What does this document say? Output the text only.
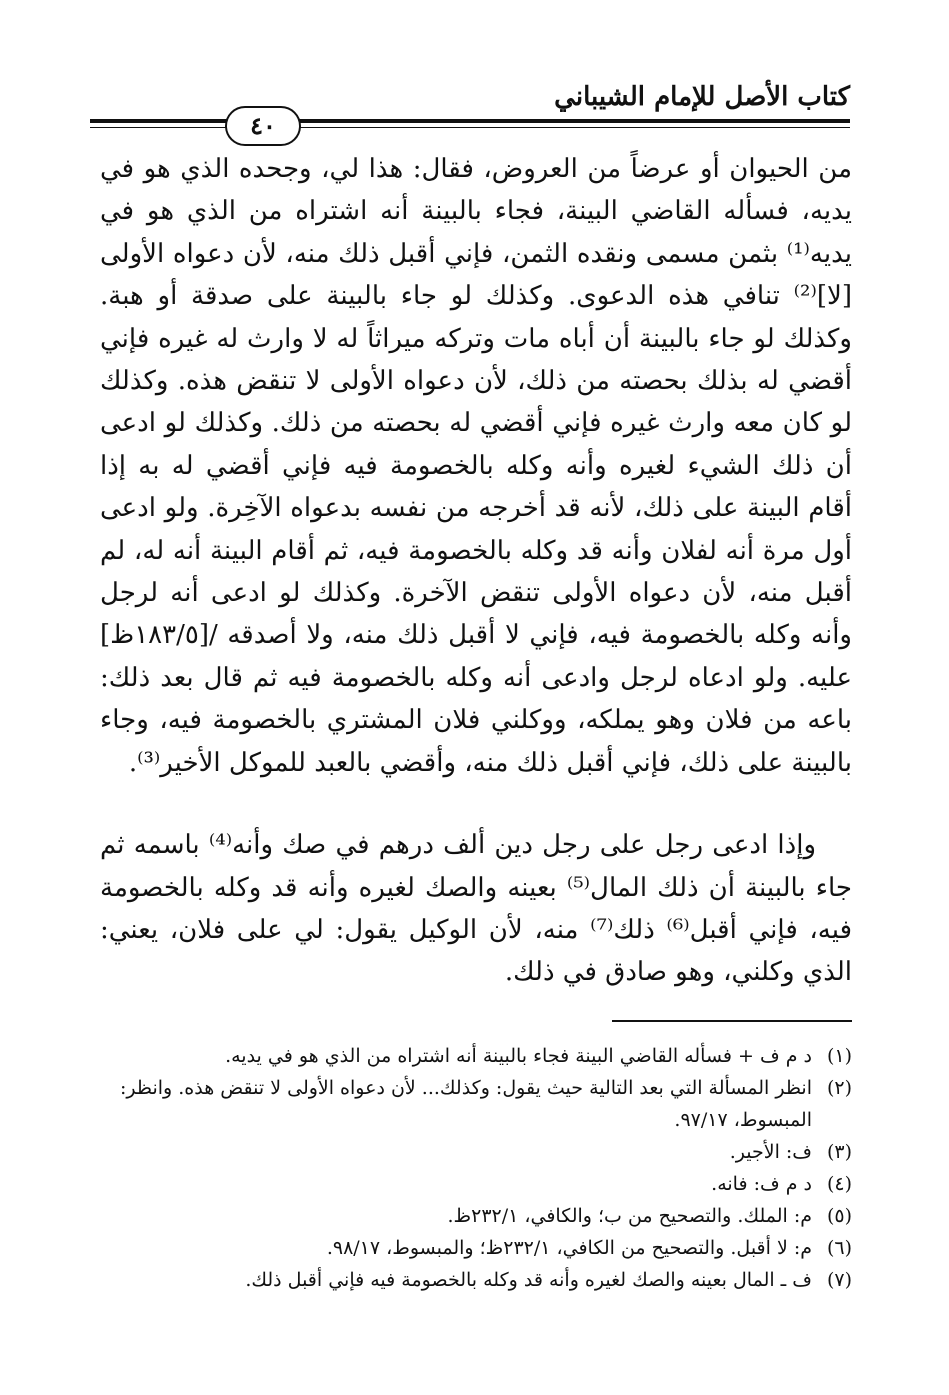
كتاب الأصل للإمام الشيباني
٤٠

من الحيوان أو عرضاً من العروض، فقال: هذا لي، وجحده الذي هو في يديه، فسأله القاضي البينة، فجاء بالبينة أنه اشتراه من الذي هو في يديه⁽¹⁾ بثمن مسمى ونقده الثمن، فإني أقبل ذلك منه، لأن دعواه الأولى [لا]⁽²⁾ تنافي هذه الدعوى. وكذلك لو جاء بالبينة على صدقة أو هبة. وكذلك لو جاء بالبينة أن أباه مات وتركه ميراثاً له لا وارث له غيره فإني أقضي له بذلك بحصته من ذلك، لأن دعواه الأولى لا تنقض هذه. وكذلك لو كان معه وارث غيره فإني أقضي له بحصته من ذلك. وكذلك لو ادعى أن ذلك الشيء لغيره وأنه وكله بالخصومة فيه فإني أقضي له به إذا أقام البينة على ذلك، لأنه قد أخرجه من نفسه بدعواه الآخِرة. ولو ادعى أول مرة أنه لفلان وأنه قد وكله بالخصومة فيه، ثم أقام البينة أنه له، لم أقبل منه، لأن دعواه الأولى تنقض الآخرة. وكذلك لو ادعى أنه لرجل وأنه وكله بالخصومة فيه، فإني لا أقبل ذلك منه، ولا أصدقه /[١٨٣/٥ظ] عليه. ولو ادعاه لرجل وادعى أنه وكله بالخصومة فيه ثم قال بعد ذلك: باعه من فلان وهو يملكه، ووكلني فلان المشتري بالخصومة فيه، وجاء بالبينة على ذلك، فإني أقبل ذلك منه، وأقضي بالعبد للموكل الأخير⁽³⁾.

وإذا ادعى رجل على رجل دين ألف درهم في صك وأنه⁽⁴⁾ باسمه ثم جاء بالبينة أن ذلك المال⁽⁵⁾ بعينه والصك لغيره وأنه قد وكله بالخصومة فيه، فإني أقبل⁽⁶⁾ ذلك⁽⁷⁾ منه، لأن الوكيل يقول: لي على فلان، يعني: الذي وكلني، وهو صادق في ذلك.

(١)
د م ف + فسأله القاضي البينة فجاء بالبينة أنه اشتراه من الذي هو في يديه.
(٢)
انظر المسألة التي بعد التالية حيث يقول: وكذلك... لأن دعواه الأولى لا تنقض هذه. وانظر: المبسوط، ٩٧/١٧.
(٣)
ف: الأجير.
(٤)
د م ف: فانه.
(٥)
م: الملك. والتصحيح من ب؛ والكافي، ٢٣٢/١ظ.
(٦)
م: لا أقبل. والتصحيح من الكافي، ٢٣٢/١ظ؛ والمبسوط، ٩٨/١٧.
(٧)
ف ـ المال بعينه والصك لغيره وأنه قد وكله بالخصومة فيه فإني أقبل ذلك.
